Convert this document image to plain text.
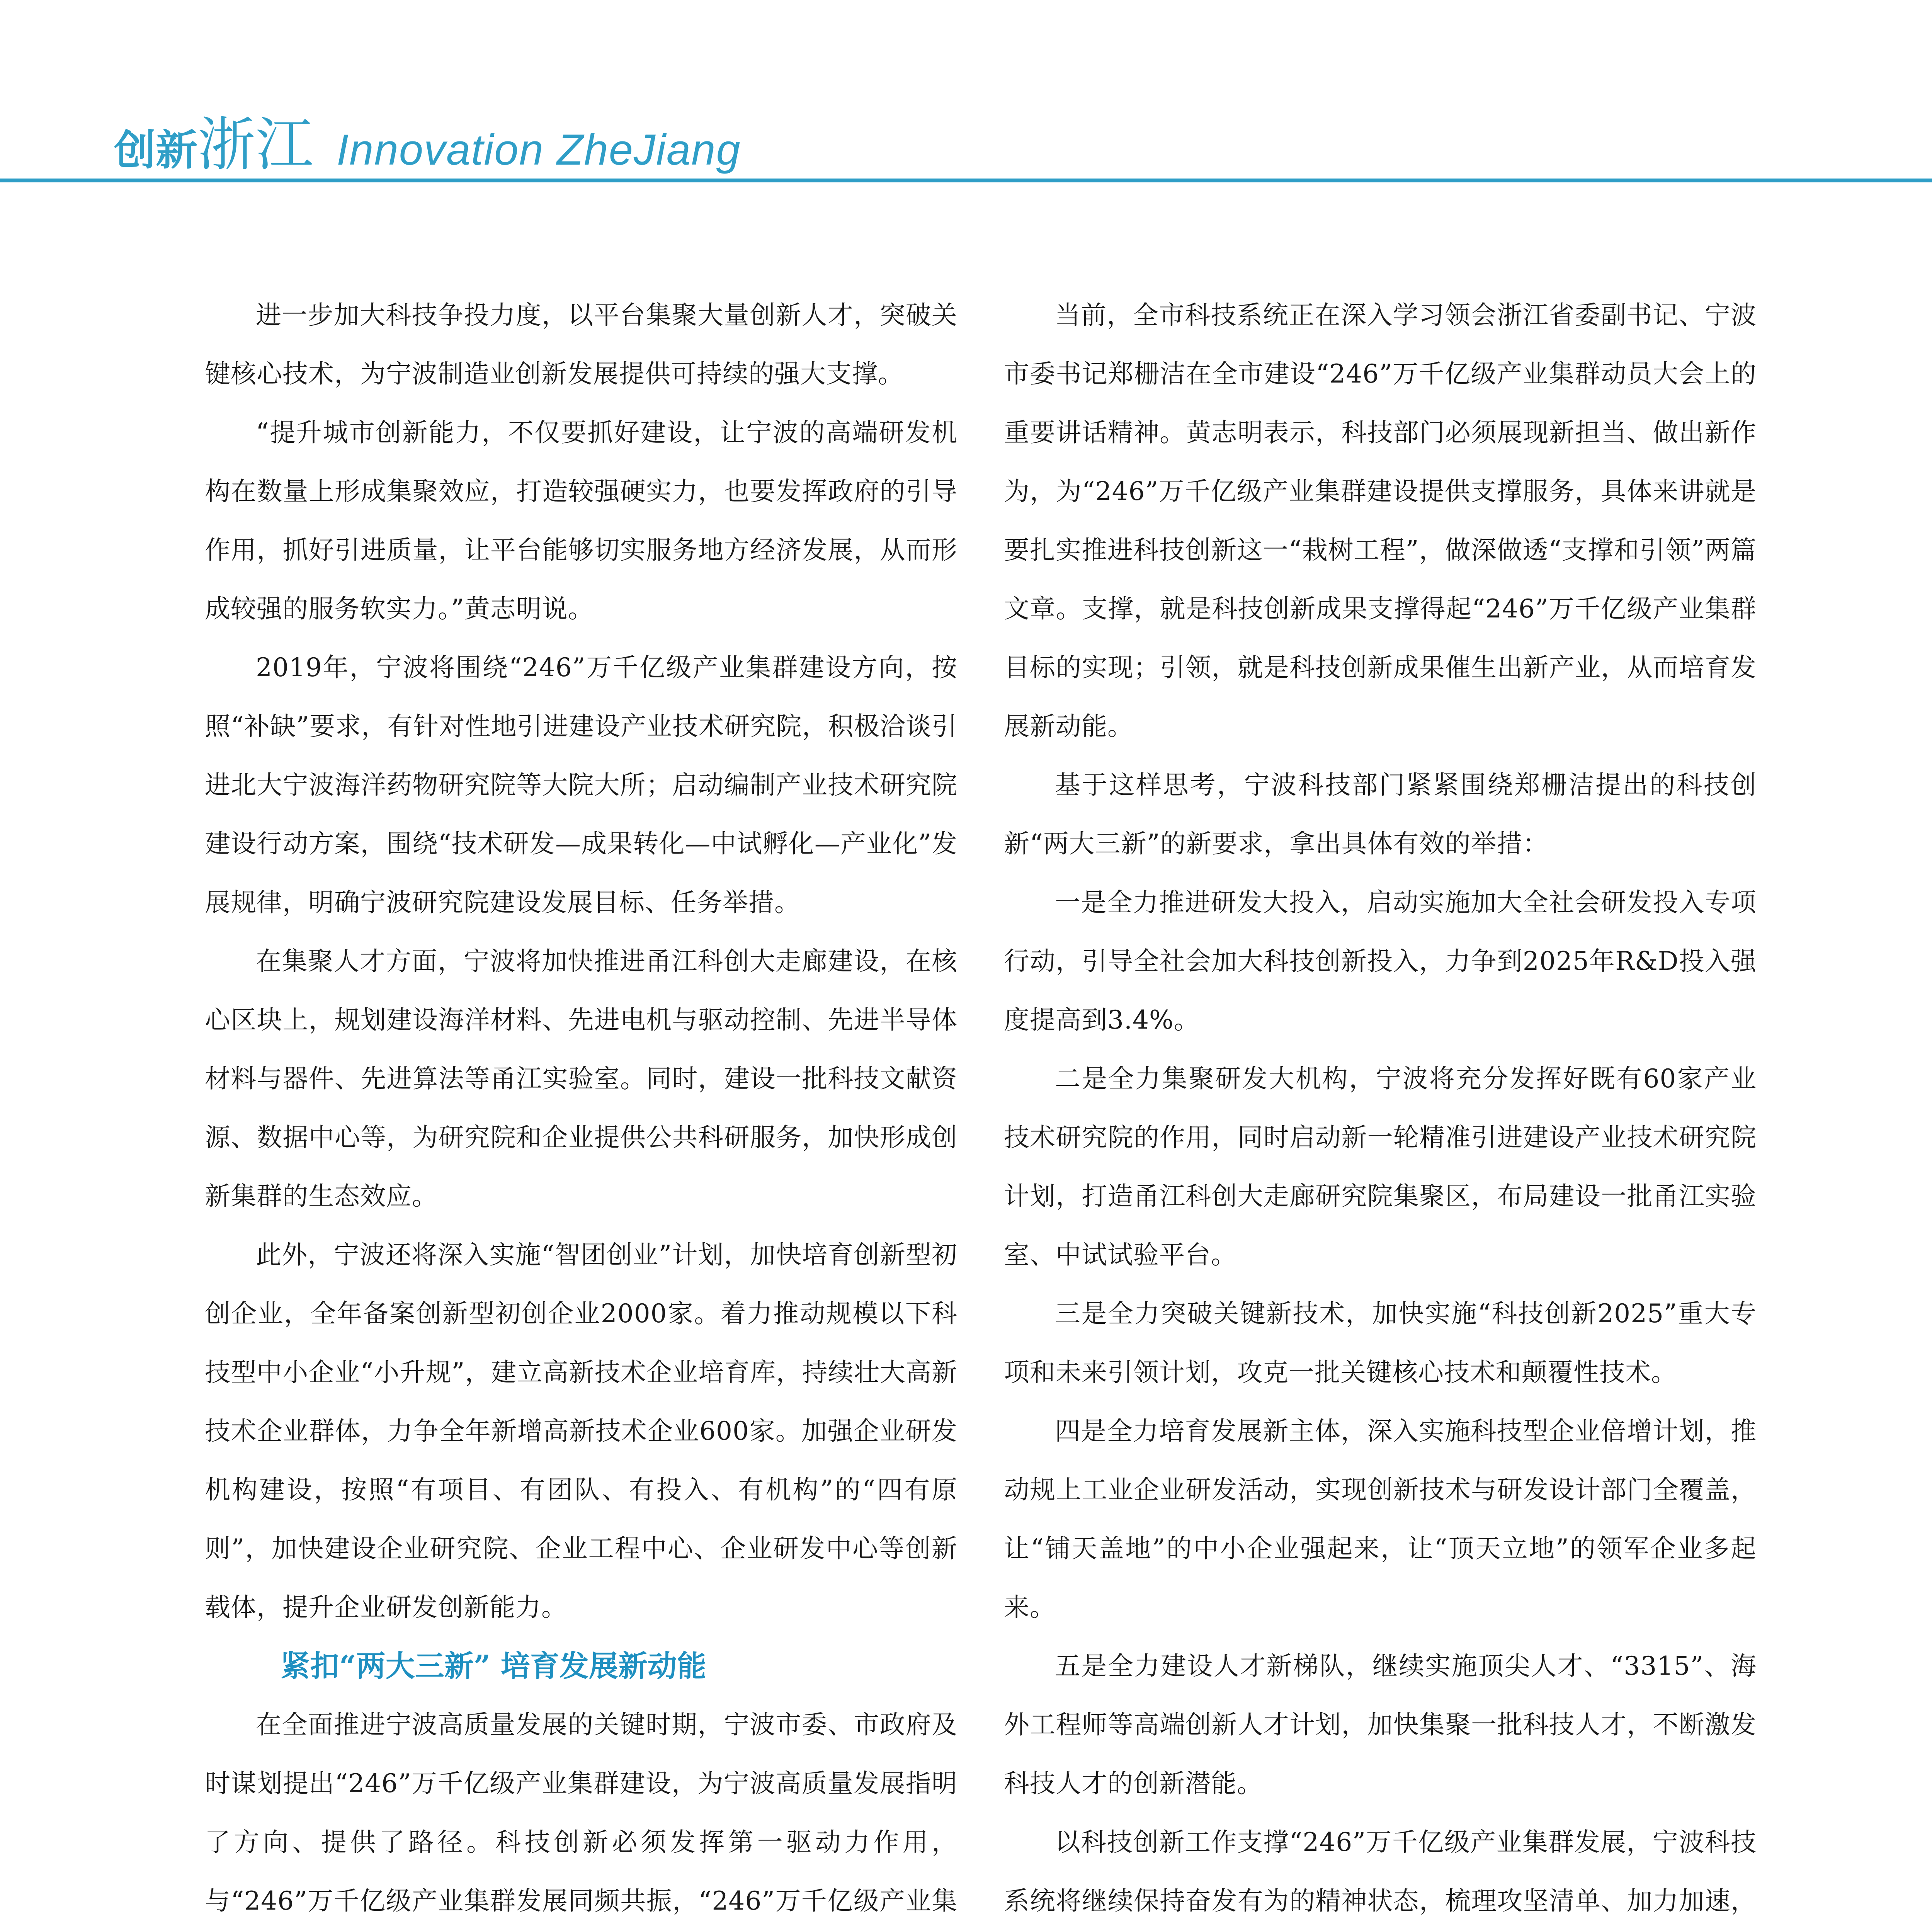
创新浙江 Innovation ZheJiang

进一步加大科技争投力度，以平台集聚大量创新人才，突破关键核心技术，为宁波制造业创新发展提供可持续的强大支撑。

“提升城市创新能力，不仅要抓好建设，让宁波的高端研发机构在数量上形成集聚效应，打造较强硬实力，也要发挥政府的引导作用，抓好引进质量，让平台能够切实服务地方经济发展，从而形成较强的服务软实力。”黄志明说。

2019年，宁波将围绕“246”万千亿级产业集群建设方向，按照“补缺”要求，有针对性地引进建设产业技术研究院，积极洽谈引进北大宁波海洋药物研究院等大院大所；启动编制产业技术研究院建设行动方案，围绕“技术研发—成果转化—中试孵化—产业化”发展规律，明确宁波研究院建设发展目标、任务举措。

在集聚人才方面，宁波将加快推进甬江科创大走廊建设，在核心区块上，规划建设海洋材料、先进电机与驱动控制、先进半导体材料与器件、先进算法等甬江实验室。同时，建设一批科技文献资源、数据中心等，为研究院和企业提供公共科研服务，加快形成创新集群的生态效应。

此外，宁波还将深入实施“智团创业”计划，加快培育创新型初创企业，全年备案创新型初创企业2000家。着力推动规模以下科技型中小企业“小升规”，建立高新技术企业培育库，持续壮大高新技术企业群体，力争全年新增高新技术企业600家。加强企业研发机构建设，按照“有项目、有团队、有投入、有机构”的“四有原则”，加快建设企业研究院、企业工程中心、企业研发中心等创新载体，提升企业研发创新能力。

紧扣“两大三新” 培育发展新动能

在全面推进宁波高质量发展的关键时期，宁波市委、市政府及时谋划提出“246”万千亿级产业集群建设，为宁波高质量发展指明了方向、提供了路径。科技创新必须发挥第一驱动力作用，与“246”万千亿级产业集群发展同频共振，“246”万千亿级产业集

当前，全市科技系统正在深入学习领会浙江省委副书记、宁波市委书记郑栅洁在全市建设“246”万千亿级产业集群动员大会上的重要讲话精神。黄志明表示，科技部门必须展现新担当、做出新作为，为“246”万千亿级产业集群建设提供支撑服务，具体来讲就是要扎实推进科技创新这一“栽树工程”，做深做透“支撑和引领”两篇文章。支撑，就是科技创新成果支撑得起“246”万千亿级产业集群目标的实现；引领，就是科技创新成果催生出新产业，从而培育发展新动能。

基于这样思考，宁波科技部门紧紧围绕郑栅洁提出的科技创新“两大三新”的新要求，拿出具体有效的举措：

一是全力推进研发大投入，启动实施加大全社会研发投入专项行动，引导全社会加大科技创新投入，力争到2025年R&D投入强度提高到3.4%。

二是全力集聚研发大机构，宁波将充分发挥好既有60家产业技术研究院的作用，同时启动新一轮精准引进建设产业技术研究院计划，打造甬江科创大走廊研究院集聚区，布局建设一批甬江实验室、中试试验平台。

三是全力突破关键新技术，加快实施“科技创新2025”重大专项和未来引领计划，攻克一批关键核心技术和颠覆性技术。

四是全力培育发展新主体，深入实施科技型企业倍增计划，推动规上工业企业研发活动，实现创新技术与研发设计部门全覆盖，让“铺天盖地”的中小企业强起来，让“顶天立地”的领军企业多起来。

五是全力建设人才新梯队，继续实施顶尖人才、“3315”、海外工程师等高端创新人才计划，加快集聚一批科技人才，不断激发科技人才的创新潜能。

以科技创新工作支撑“246”万千亿级产业集群发展，宁波科技系统将继续保持奋发有为的精神状态，梳理攻坚清单、加力加速，
